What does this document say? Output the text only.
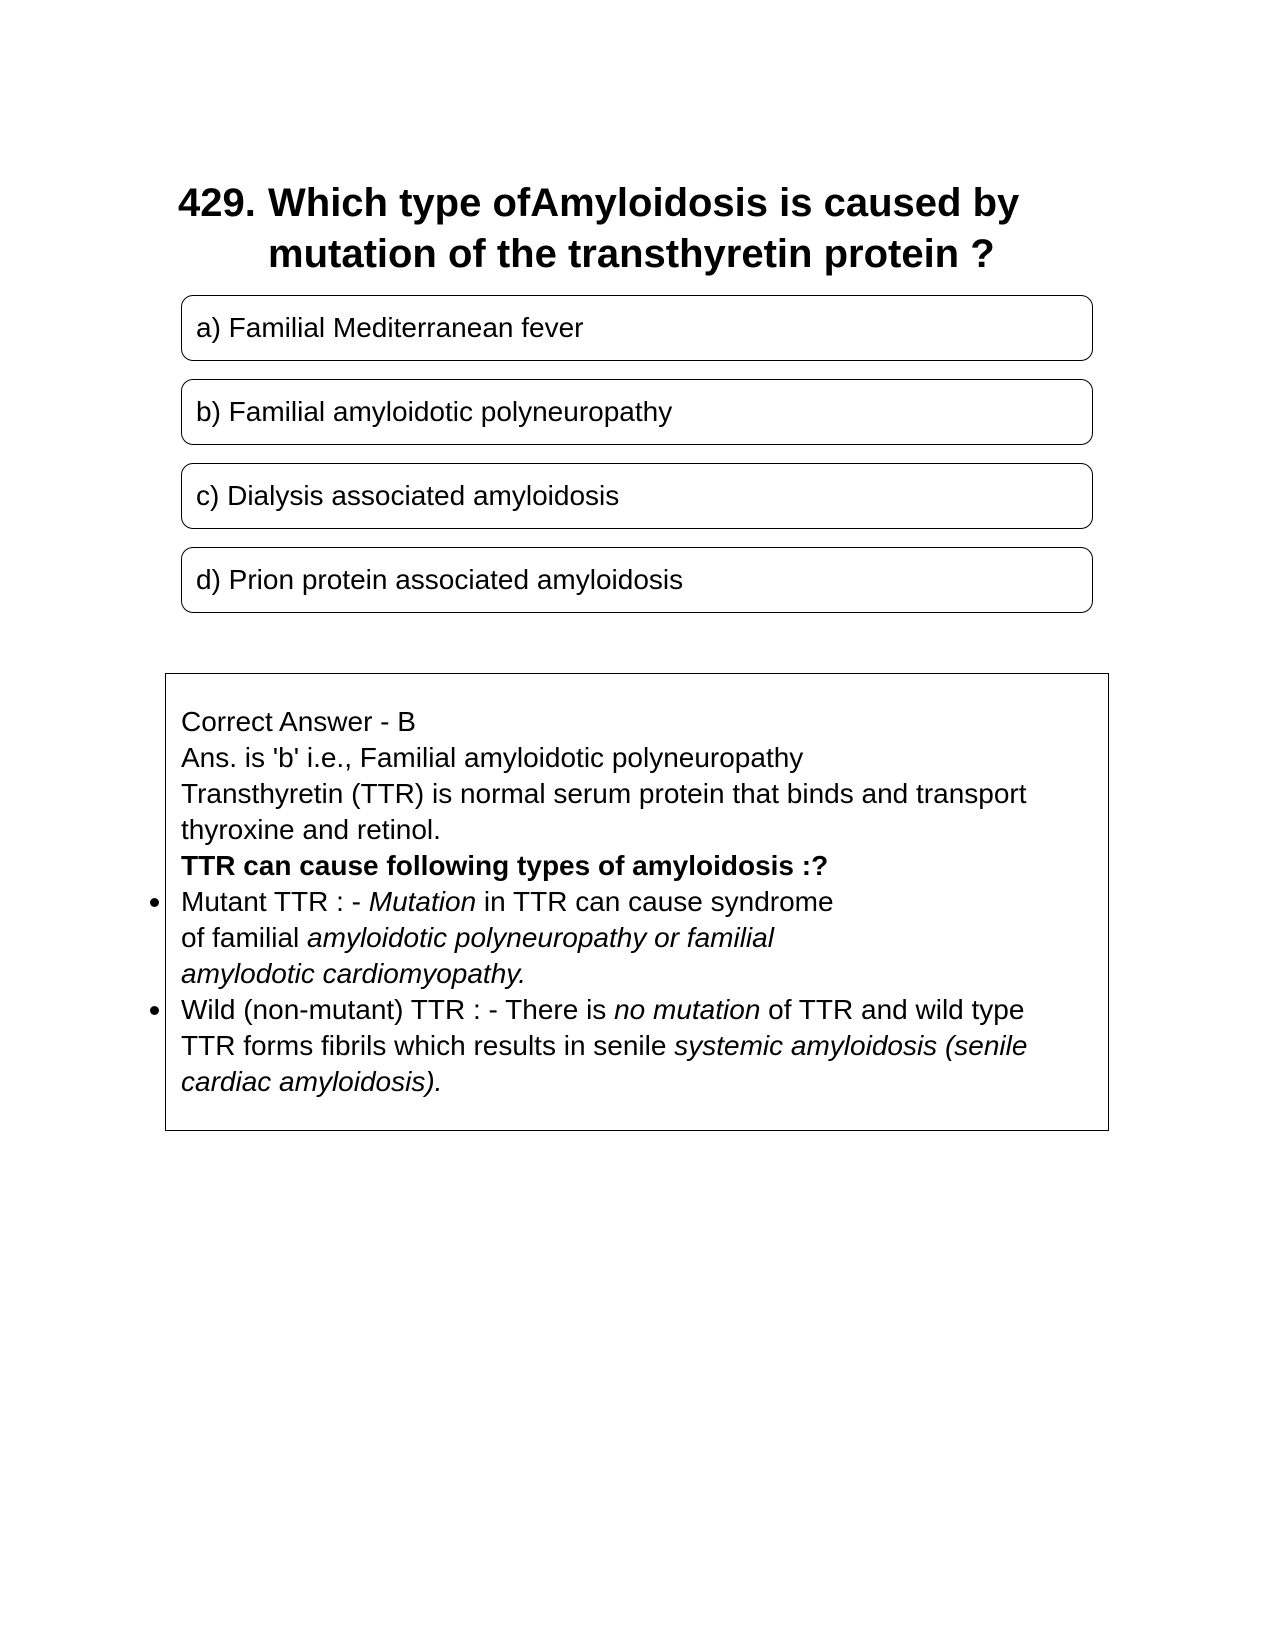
429. Which type ofAmyloidosis is caused by
mutation of the transthyretin protein ?
a) Familial Mediterranean fever
b) Familial amyloidotic polyneuropathy
c) Dialysis associated amyloidosis
d) Prion protein associated amyloidosis
Correct Answer - B
Ans. is 'b' i.e., Familial amyloidotic polyneuropathy
Transthyretin (TTR) is normal serum protein that binds and transport
thyroxine and retinol.
TTR can cause following types of amyloidosis :?
Mutant TTR : - Mutation in TTR can cause syndrome
of familial amyloidotic polyneuropathy or familial
amylodotic cardiomyopathy.
Wild (non-mutant) TTR : - There is no mutation of TTR and wild type
TTR forms fibrils which results in senile systemic amyloidosis (senile
cardiac amyloidosis).
